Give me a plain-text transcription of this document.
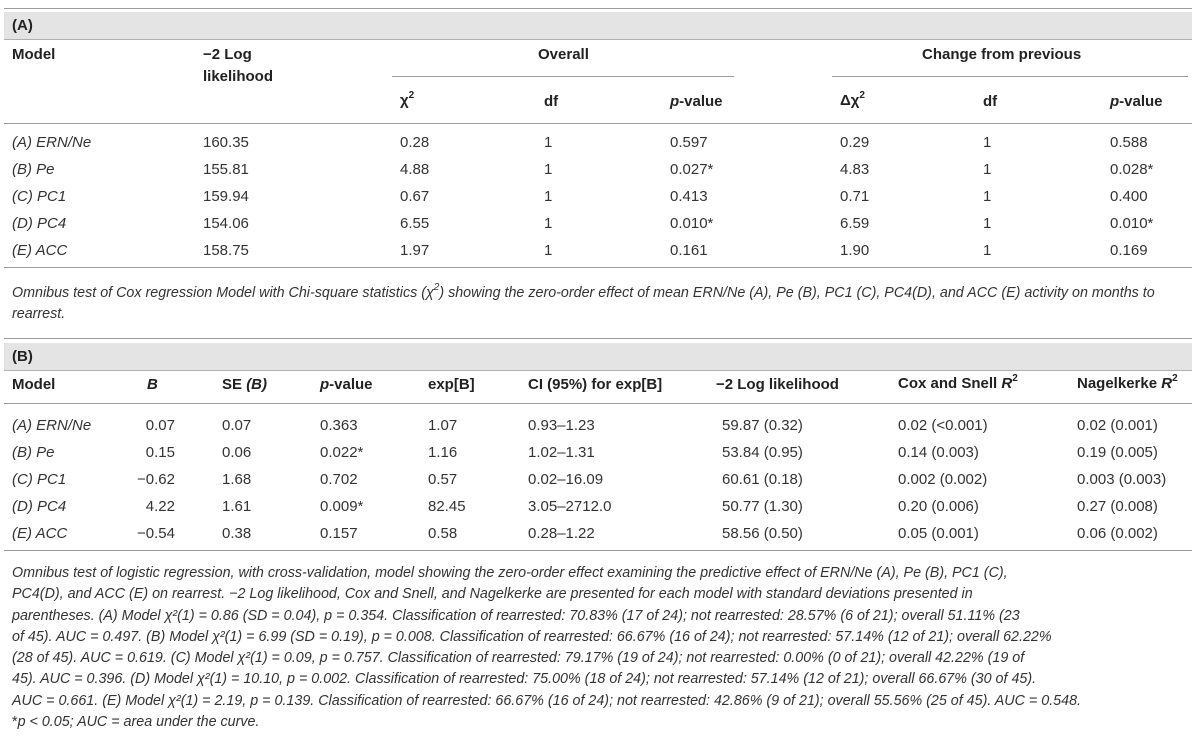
(A)
Model	−2 Log
likelihood
Overall	Change from previous
$\chi^2$	df	p-value	$\Delta\chi^2$	df	p-value
(A) ERN/Ne	160.35	0.28	1	0.597	0.29	1	0.588
(B) Pe	155.81	4.88	1	0.027*	4.83	1	0.028*
(C) PC1	159.94	0.67	1	0.413	0.71	1	0.400
(D) PC4	154.06	6.55	1	0.010*	6.59	1	0.010*
(E) ACC	158.75	1.97	1	0.161	1.90	1	0.169
Omnibus test of Cox regression Model with Chi-square statistics $(\chi^2)$ showing the zero-order effect of mean ERN/Ne (A), Pe (B), PC1 (C), PC4(D), and ACC (E) activity on months to rearrest.
(B)
Model	B	SE (B)	p-value	exp[B]	CI (95%) for exp[B]	−2 Log likelihood	Cox and Snell $R^2$	Nagelkerke $R^2$
(A) ERN/Ne	0.07	0.07	0.363	1.07	0.93–1.23	59.87 (0.32)	0.02 (<0.001)	0.02 (0.001)
(B) Pe	0.15	0.06	0.022*	1.16	1.02–1.31	53.84 (0.95)	0.14 (0.003)	0.19 (0.005)
(C) PC1	−0.62	1.68	0.702	0.57	0.02–16.09	60.61 (0.18)	0.002 (0.002)	0.003 (0.003)
(D) PC4	4.22	1.61	0.009*	82.45	3.05–2712.0	50.77 (1.30)	0.20 (0.006)	0.27 (0.008)
(E) ACC	−0.54	0.38	0.157	0.58	0.28–1.22	58.56 (0.50)	0.05 (0.001)	0.06 (0.002)

Omnibus test of logistic regression, with cross-validation, model showing the zero-order effect examining the predictive effect of ERN/Ne (A), Pe (B), PC1 (C),

PC4(D), and ACC (E) on rearrest. −2 Log likelihood, Cox and Snell, and Nagelkerke are presented for each model with standard deviations presented in

parentheses. (A) Model χ²(1) = 0.86 (SD = 0.04), p = 0.354. Classification of rearrested: 70.83% (17 of 24); not rearrested: 28.57% (6 of 21); overall 51.11% (23

of 45). AUC = 0.497. (B) Model χ²(1) = 6.99 (SD = 0.19), p = 0.008. Classification of rearrested: 66.67% (16 of 24); not rearrested: 57.14% (12 of 21); overall 62.22%

(28 of 45). AUC = 0.619. (C) Model χ²(1) = 0.09, p = 0.757. Classification of rearrested: 79.17% (19 of 24); not rearrested: 0.00% (0 of 21); overall 42.22% (19 of

45). AUC = 0.396. (D) Model χ²(1) = 10.10, p = 0.002. Classification of rearrested: 75.00% (18 of 24); not rearrested: 57.14% (12 of 21); overall 66.67% (30 of 45).

AUC = 0.661. (E) Model χ²(1) = 2.19, p = 0.139. Classification of rearrested: 66.67% (16 of 24); not rearrested: 42.86% (9 of 21); overall 55.56% (25 of 45). AUC = 0.548.

*p < 0.05; AUC = area under the curve.
